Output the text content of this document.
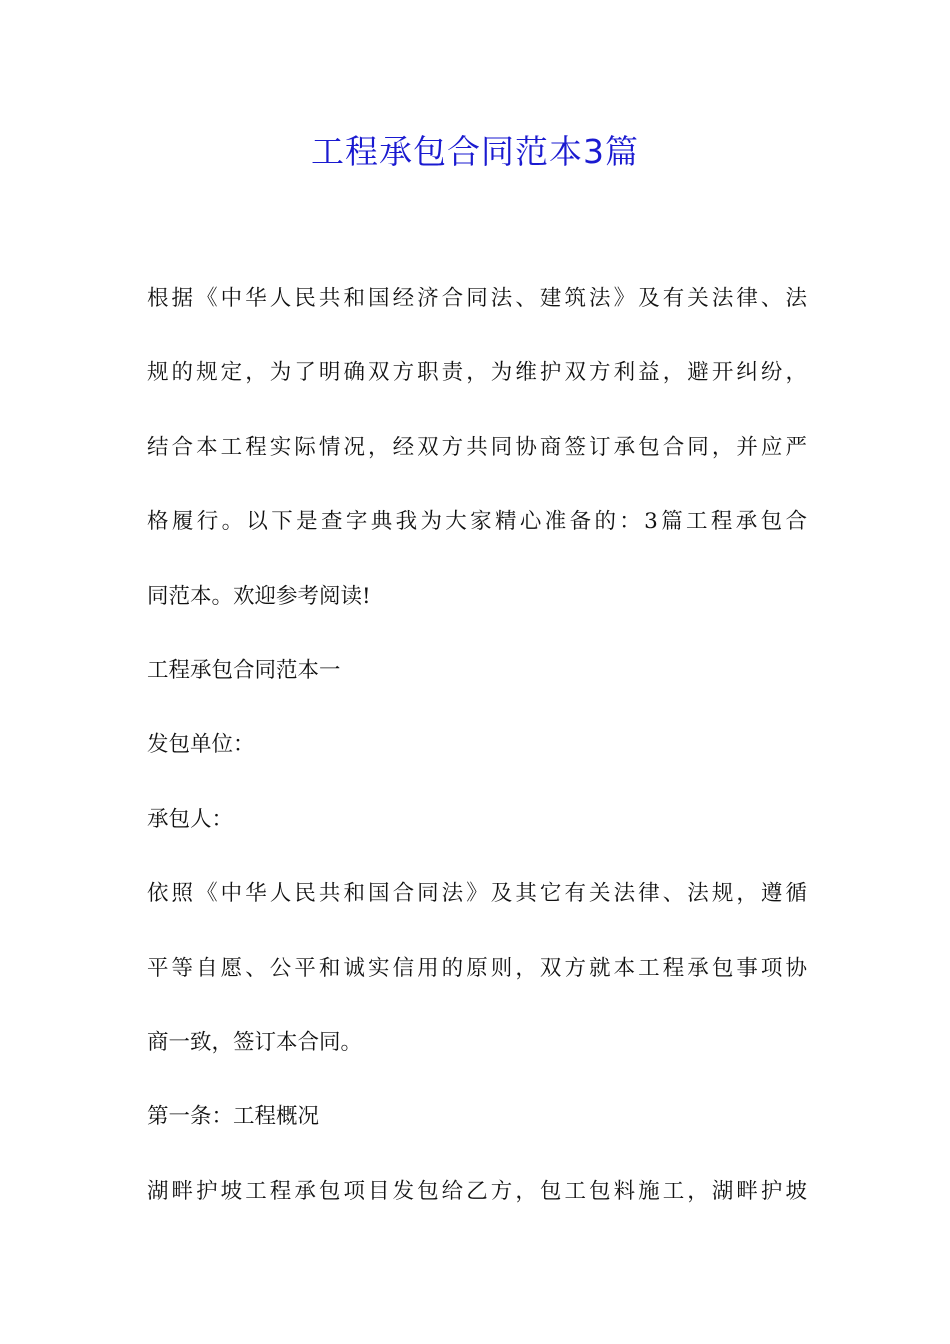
工程承包合同范本3篇
根据《中华人民共和国经济合同法、建筑法》及有关法律、法
规的规定，为了明确双方职责，为维护双方利益，避开纠纷，
结合本工程实际情况，经双方共同协商签订承包合同，并应严
格履行。以下是查字典我为大家精心准备的：3篇工程承包合
同范本。欢迎参考阅读!
工程承包合同范本一
发包单位：
承包人：
依照《中华人民共和国合同法》及其它有关法律、法规，遵循
平等自愿、公平和诚实信用的原则，双方就本工程承包事项协
商一致，签订本合同。
第一条：工程概况
湖畔护坡工程承包项目发包给乙方，包工包料施工，湖畔护坡
